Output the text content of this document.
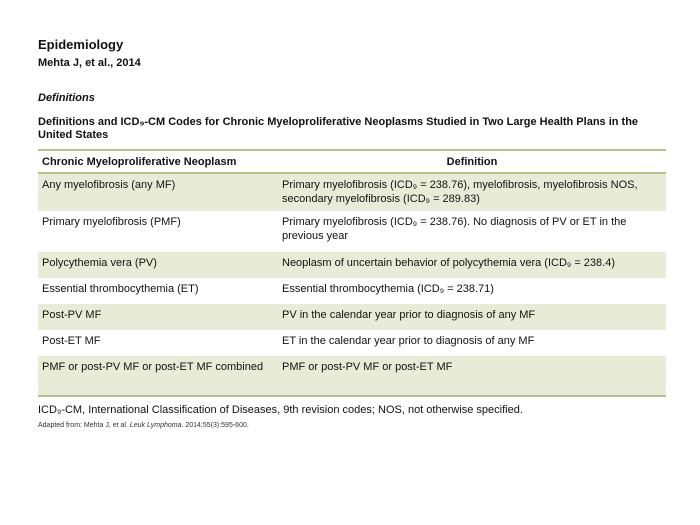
Epidemiology
Mehta J, et al., 2014
Definitions
Definitions and ICD₉-CM Codes for Chronic Myeloproliferative Neoplasms Studied in Two Large Health Plans in the United States
Chronic Myeloproliferative Neoplasm	Definition
Any myelofibrosis (any MF)	Primary myelofibrosis (ICD₉ = 238.76), myelofibrosis, myelofibrosis NOS, secondary myelofibrosis (ICD₉ = 289.83)
Primary myelofibrosis (PMF)	Primary myelofibrosis (ICD₉ = 238.76). No diagnosis of PV or ET in the previous year
Polycythemia vera (PV)	Neoplasm of uncertain behavior of polycythemia vera (ICD₉ = 238.4)
Essential thrombocythemia (ET)	Essential thrombocythemia (ICD₉ = 238.71)
Post-PV MF	PV in the calendar year prior to diagnosis of any MF
Post-ET MF	ET in the calendar year prior to diagnosis of any MF
PMF or post-PV MF or post-ET MF combined	PMF or post-PV MF or post-ET MF
ICD₉-CM, International Classification of Diseases, 9th revision codes; NOS, not otherwise specified.
Adapted from: Mehta J, et al. Leuk Lymphoma. 2014;55(3):595-600.
